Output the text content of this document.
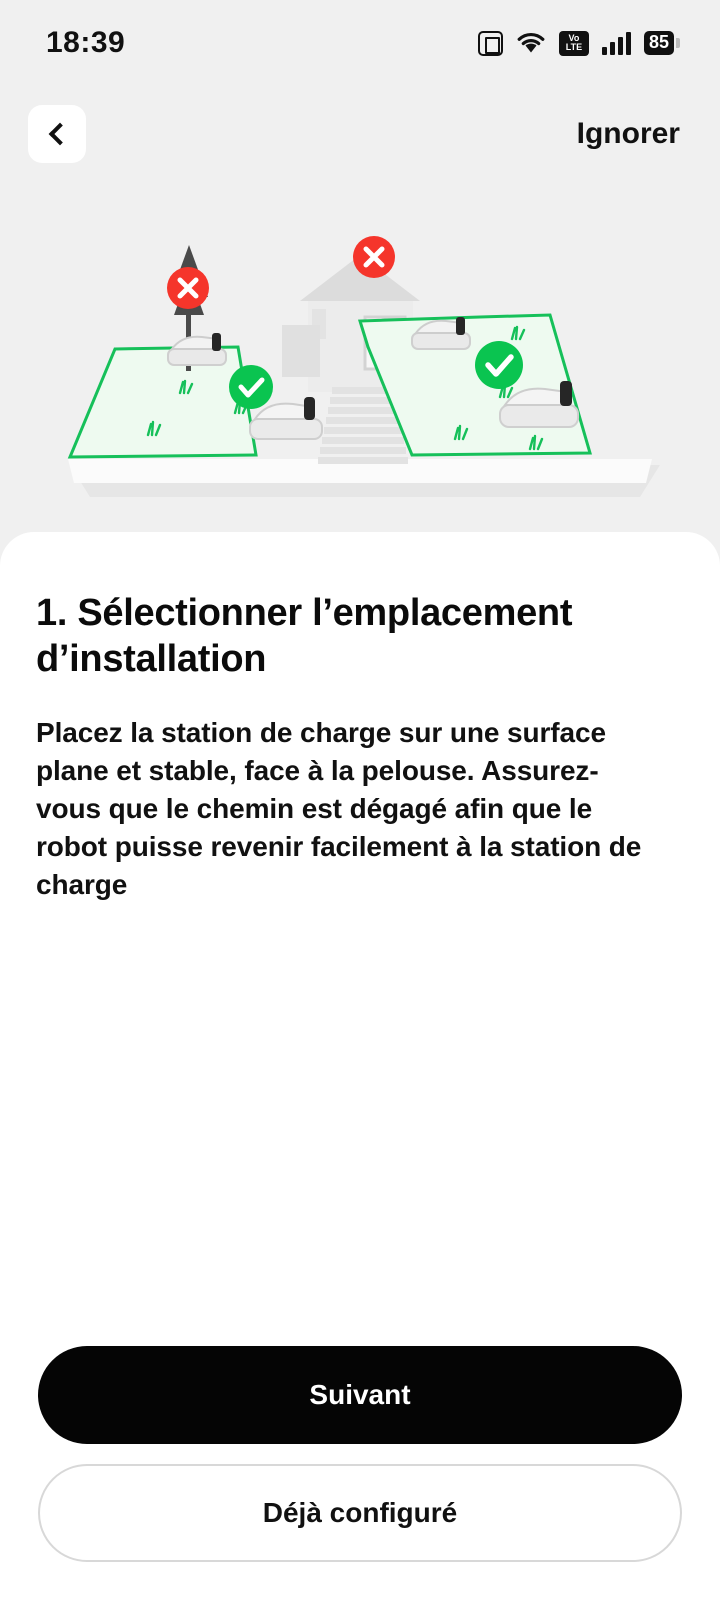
18:39	Vo
LTE	85
Ignorer
1. Sélectionner l’emplacement d’installation
Placez la station de charge sur une surface plane et stable, face à la pelouse. Assurez-vous que le chemin est dégagé afin que le robot puisse revenir facilement à la station de charge
Suivant
Déjà configuré
